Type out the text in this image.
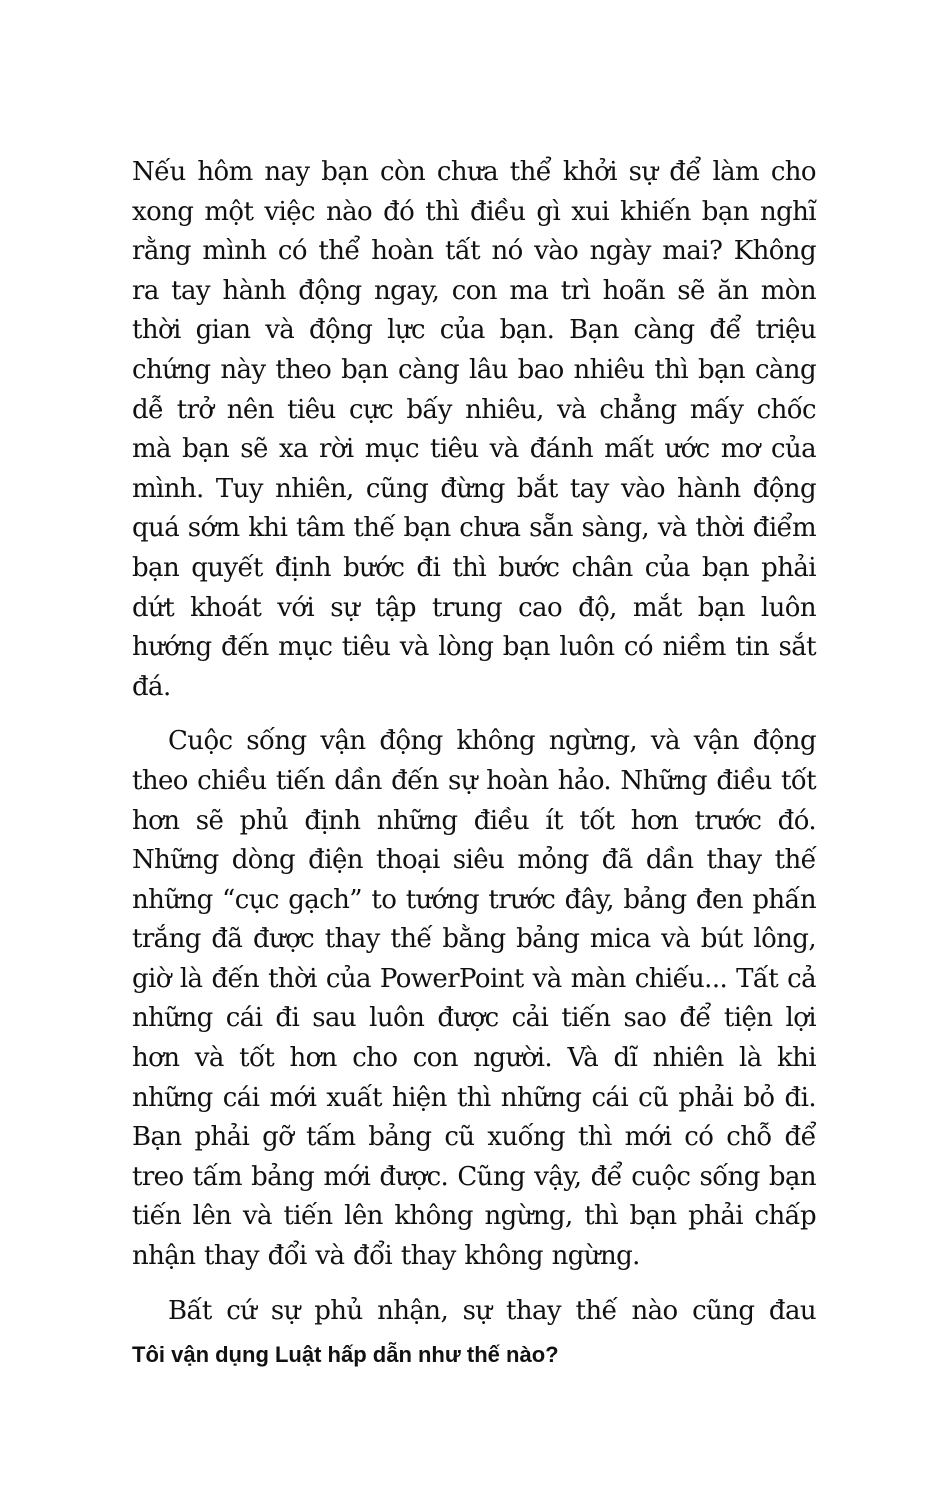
Nếu hôm nay bạn còn chưa thể khởi sự để làm cho xong một việc nào đó thì điều gì xui khiến bạn nghĩ rằng mình có thể hoàn tất nó vào ngày mai? Không ra tay hành động ngay, con ma trì hoãn sẽ ăn mòn thời gian và động lực của bạn. Bạn càng để triệu chứng này theo bạn càng lâu bao nhiêu thì bạn càng dễ trở nên tiêu cực bấy nhiêu, và chẳng mấy chốc mà bạn sẽ xa rời mục tiêu và đánh mất ước mơ của mình. Tuy nhiên, cũng đừng bắt tay vào hành động quá sớm khi tâm thế bạn chưa sẵn sàng, và thời điểm bạn quyết định bước đi thì bước chân của bạn phải dứt khoát với sự tập trung cao độ, mắt bạn luôn hướng đến mục tiêu và lòng bạn luôn có niềm tin sắt đá.

Cuộc sống vận động không ngừng, và vận động theo chiều tiến dần đến sự hoàn hảo. Những điều tốt hơn sẽ phủ định những điều ít tốt hơn trước đó. Những dòng điện thoại siêu mỏng đã dần thay thế những “cục gạch” to tướng trước đây, bảng đen phấn trắng đã được thay thế bằng bảng mica và bút lông, giờ là đến thời của PowerPoint và màn chiếu... Tất cả những cái đi sau luôn được cải tiến sao để tiện lợi hơn và tốt hơn cho con người. Và dĩ nhiên là khi những cái mới xuất hiện thì những cái cũ phải bỏ đi. Bạn phải gỡ tấm bảng cũ xuống thì mới có chỗ để treo tấm bảng mới được. Cũng vậy, để cuộc sống bạn tiến lên và tiến lên không ngừng, thì bạn phải chấp nhận thay đổi và đổi thay không ngừng.

Bất cứ sự phủ nhận, sự thay thế nào cũng đau

Tôi vận dụng Luật hấp dẫn như thế nào?
